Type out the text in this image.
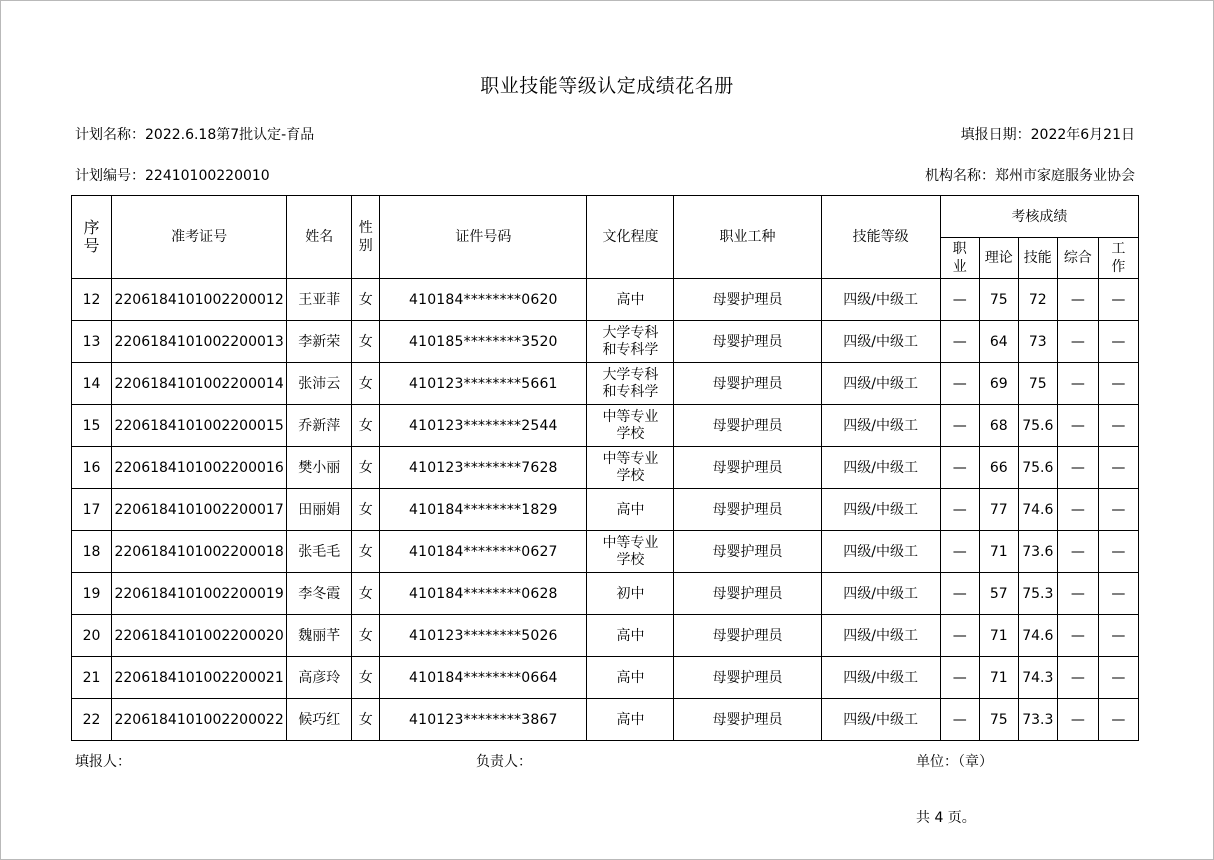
职业技能等级认定成绩花名册
计划名称：2022.6.18第7批认定-育品	填报日期：2022年6月21日
计划编号：22410100220010	机构名称：郑州市家庭服务业协会
序号	准考证号	姓名	性别	证件号码	文化程度	职业工种	技能等级	考核成绩				
								职业	理论	技能	综合	工作
12	2206184101002200012	王亚菲	女	410184********0620	高中	母婴护理员	四级/中级工	—	75	72	—	—
13	2206184101002200013	李新荣	女	410185********3520	大学专科和专科学	母婴护理员	四级/中级工	—	64	73	—	—
14	2206184101002200014	张沛云	女	410123********5661	大学专科和专科学	母婴护理员	四级/中级工	—	69	75	—	—
15	2206184101002200015	乔新萍	女	410123********2544	中等专业学校	母婴护理员	四级/中级工	—	68	75.6	—	—
16	2206184101002200016	樊小丽	女	410123********7628	中等专业学校	母婴护理员	四级/中级工	—	66	75.6	—	—
17	2206184101002200017	田丽娟	女	410184********1829	高中	母婴护理员	四级/中级工	—	77	74.6	—	—
18	2206184101002200018	张毛毛	女	410184********0627	中等专业学校	母婴护理员	四级/中级工	—	71	73.6	—	—
19	2206184101002200019	李冬霞	女	410184********0628	初中	母婴护理员	四级/中级工	—	57	75.3	—	—
20	2206184101002200020	魏丽芊	女	410123********5026	高中	母婴护理员	四级/中级工	—	71	74.6	—	—
21	2206184101002200021	高彦玲	女	410184********0664	高中	母婴护理员	四级/中级工	—	71	74.3	—	—
22	2206184101002200022	候巧红	女	410123********3867	高中	母婴护理员	四级/中级工	—	75	73.3	—	—
填报人：	负责人：	单位：（章）
共 4 页。
